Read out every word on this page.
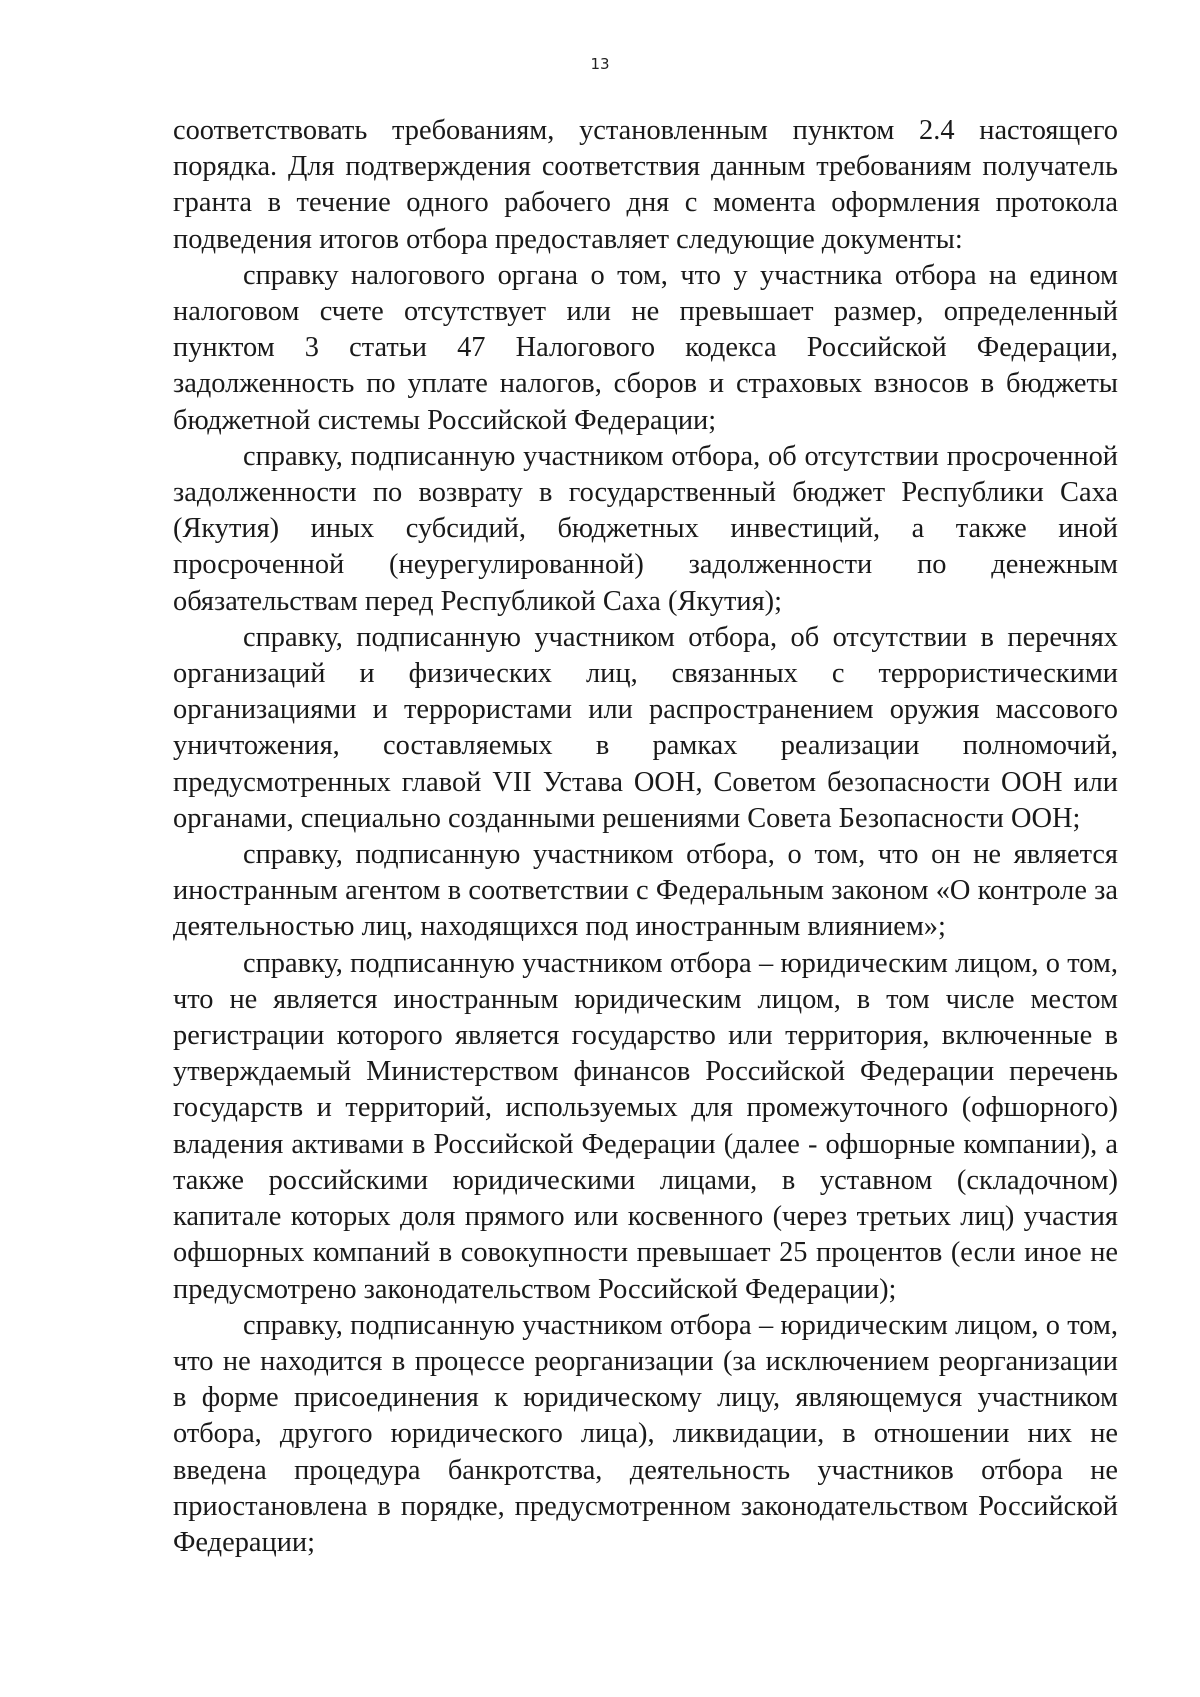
13

соответствовать требованиям, установленным пунктом 2.4 настоящего порядка. Для подтверждения соответствия данным требованиям получатель гранта в течение одного рабочего дня с момента оформления протокола подведения итогов отбора предоставляет следующие документы:

справку налогового органа о том, что у участника отбора на едином налоговом счете отсутствует или не превышает размер, определенный пунктом 3 статьи 47 Налогового кодекса Российской Федерации, задолженность по уплате налогов, сборов и страховых взносов в бюджеты бюджетной системы Российской Федерации;

справку, подписанную участником отбора, об отсутствии просроченной задолженности по возврату в государственный бюджет Республики Саха (Якутия) иных субсидий, бюджетных инвестиций, а также иной просроченной (неурегулированной) задолженности по денежным обязательствам перед Республикой Саха (Якутия);

справку, подписанную участником отбора, об отсутствии в перечнях организаций и физических лиц, связанных с террористическими организациями и террористами или распространением оружия массового уничтожения, составляемых в рамках реализации полномочий, предусмотренных главой VII Устава ООН, Советом безопасности ООН или органами, специально созданными решениями Совета Безопасности ООН;

справку, подписанную участником отбора, о том, что он не является иностранным агентом в соответствии с Федеральным законом «О контроле за деятельностью лиц, находящихся под иностранным влиянием»;

справку, подписанную участником отбора – юридическим лицом, о том, что не является иностранным юридическим лицом, в том числе местом регистрации которого является государство или территория, включенные в утверждаемый Министерством финансов Российской Федерации перечень государств и территорий, используемых для промежуточного (офшорного) владения активами в Российской Федерации (далее - офшорные компании), а также российскими юридическими лицами, в уставном (складочном) капитале которых доля прямого или косвенного (через третьих лиц) участия офшорных компаний в совокупности превышает 25 процентов (если иное не предусмотрено законодательством Российской Федерации);

справку, подписанную участником отбора – юридическим лицом, о том, что не находится в процессе реорганизации (за исключением реорганизации в форме присоединения к юридическому лицу, являющемуся участником отбора, другого юридического лица), ликвидации, в отношении них не введена процедура банкротства, деятельность участников отбора не приостановлена в порядке, предусмотренном законодательством Российской Федерации;
